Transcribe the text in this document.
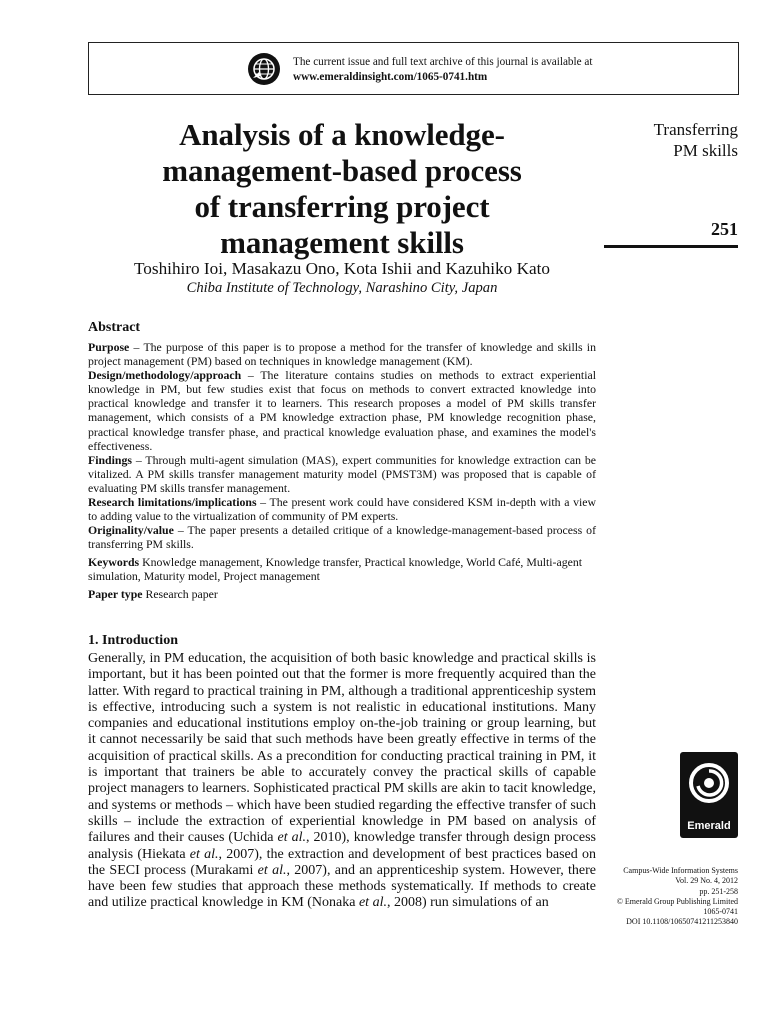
The current issue and full text archive of this journal is available at
www.emeraldinsight.com/1065-0741.htm
Analysis of a knowledge-
management-based process
of transferring project
management skills
Toshihiro Ioi, Masakazu Ono, Kota Ishii and Kazuhiko Kato
Chiba Institute of Technology, Narashino City, Japan
Transferring
PM skills
251
Abstract

Purpose – The purpose of this paper is to propose a method for the transfer of knowledge and skills in project management (PM) based on techniques in knowledge management (KM).

Design/methodology/approach – The literature contains studies on methods to extract experiential knowledge in PM, but few studies exist that focus on methods to convert extracted knowledge into practical knowledge and transfer it to learners. This research proposes a model of PM skills transfer management, which consists of a PM knowledge extraction phase, PM knowledge recognition phase, practical knowledge transfer phase, and practical knowledge evaluation phase, and examines the model's effectiveness.

Findings – Through multi-agent simulation (MAS), expert communities for knowledge extraction can be vitalized. A PM skills transfer management maturity model (PMST3M) was proposed that is capable of evaluating PM skills transfer management.

Research limitations/implications – The present work could have considered KSM in-depth with a view to adding value to the virtualization of community of PM experts.

Originality/value – The paper presents a detailed critique of a knowledge-management-based process of transferring PM skills.

Keywords Knowledge management, Knowledge transfer, Practical knowledge, World Café, Multi-agent simulation, Maturity model, Project management
Paper type Research paper
1. Introduction
Generally, in PM education, the acquisition of both basic knowledge and practical skills is important, but it has been pointed out that the former is more frequently acquired than the latter. With regard to practical training in PM, although a traditional apprenticeship system is effective, introducing such a system is not realistic in educational institutions. Many companies and educational institutions employ on-the-job training or group learning, but it cannot necessarily be said that such methods have been greatly effective in terms of the acquisition of practical skills. As a precondition for conducting practical training in PM, it is important that trainers be able to accurately convey the practical skills of capable project managers to learners. Sophisticated practical PM skills are akin to tacit knowledge, and systems or methods – which have been studied regarding the effective transfer of such skills – include the extraction of experiential knowledge in PM based on analysis of failures and their causes (Uchida et al., 2010), knowledge transfer through design process analysis (Hiekata et al., 2007), the extraction and development of best practices based on the SECI process (Murakami et al., 2007), and an apprenticeship system. However, there have been few studies that approach these methods systematically. If methods to create and utilize practical knowledge in KM (Nonaka et al., 2008) run simulations of an
Emerald
Campus-Wide Information Systems
Vol. 29 No. 4, 2012
pp. 251-258
© Emerald Group Publishing Limited
1065-0741
DOI 10.1108/10650741211253840
